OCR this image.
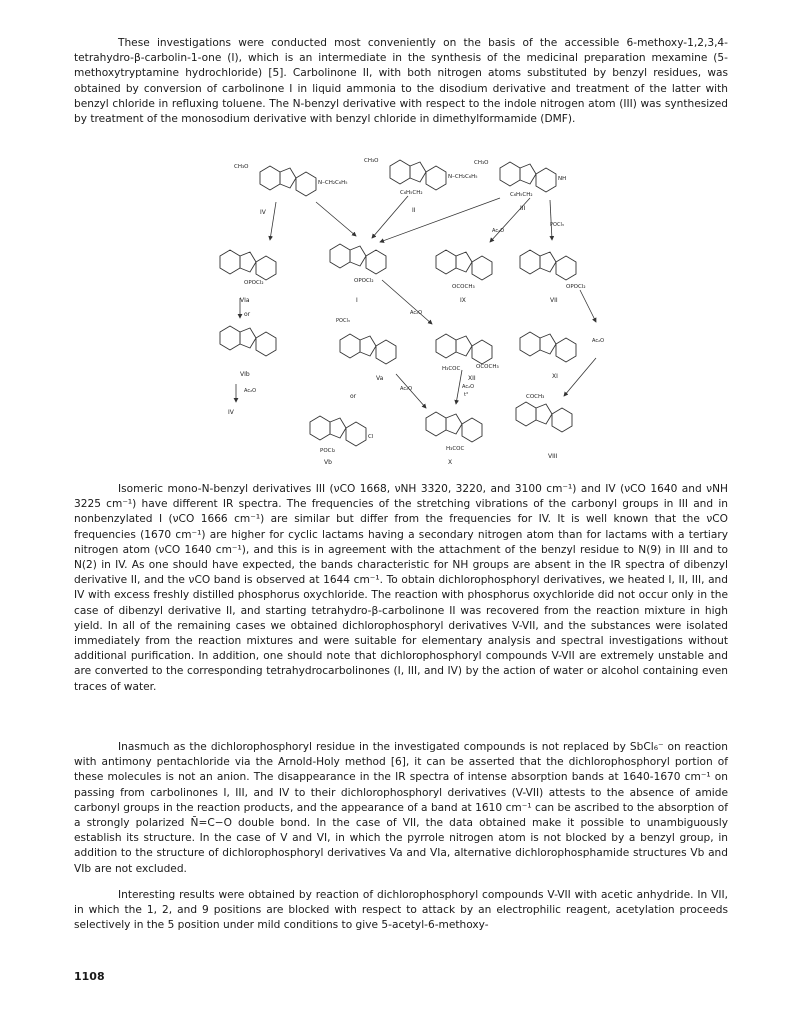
These investigations were conducted most conveniently on the basis of the accessible 6-methoxy-1,2,3,4-tetrahydro-β-carbolin-1-one (I), which is an intermediate in the synthesis of the medicinal preparation mexamine (5-methoxytryptamine hydrochloride) [5]. Carbolinone II, with both nitrogen atoms substituted by benzyl residues, was obtained by conversion of carbolinone I in liquid ammonia to the disodium derivative and treatment of the latter with benzyl chloride in refluxing toluene. The N-benzyl derivative with respect to the indole nitrogen atom (III) was synthesized by treatment of the monosodium derivative with benzyl chloride in dimethylformamide (DMF).
CH₃O
N–CH₂C₆H₅
CH₃O
N–CH₂C₆H₅
C₆H₅CH₂
CH₃O
NH
C₆H₅CH₂
OPOCl₂	OPOCl₂
OCOCH₃	OPOCl₂
H₃COC	OCOCH₃
H₃COC
COCH₃
POCl₂
Cl
IV	II	III
VIa
or
I	IX	VII
VIb
Va	XII	XI
IV
or
Vb	X
VIII
POCl₃
Ac₂O
Ac₂O
POCl₃
Ac₂O	Ac₂O	Ac₂O
Ac₂O
t°
Isomeric mono-N-benzyl derivatives III (νCO 1668, νNH 3320, 3220, and 3100 cm⁻¹) and IV (νCO 1640 and νNH 3225 cm⁻¹) have different IR spectra. The frequencies of the stretching vibrations of the carbonyl groups in III and in nonbenzylated I (νCO 1666 cm⁻¹) are similar but differ from the frequencies for IV. It is well known that the νCO frequencies (1670 cm⁻¹) are higher for cyclic lactams having a secondary nitrogen atom than for lactams with a tertiary nitrogen atom (νCO 1640 cm⁻¹), and this is in agreement with the attachment of the benzyl residue to N(9) in III and to N(2) in IV. As one should have expected, the bands characteristic for NH groups are absent in the IR spectra of dibenzyl derivative II, and the νCO band is observed at 1644 cm⁻¹. To obtain dichlorophosphoryl derivatives, we heated I, II, III, and IV with excess freshly distilled phosphorus oxychloride. The reaction with phosphorus oxychloride did not occur only in the case of dibenzyl derivative II, and starting tetrahydro-β-carbolinone II was recovered from the reaction mixture in high yield. In all of the remaining cases we obtained dichlorophosphoryl derivatives V-VII, and the substances were isolated immediately from the reaction mixtures and were suitable for elementary analysis and spectral investigations without additional purification. In addition, one should note that dichlorophosphoryl compounds V-VII are extremely unstable and are converted to the corresponding tetrahydrocarbolinones (I, III, and IV) by the action of water or alcohol containing even traces of water.
Inasmuch as the dichlorophosphoryl residue in the investigated compounds is not replaced by SbCl₆⁻ on reaction with antimony pentachloride via the Arnold-Holy method [6], it can be asserted that the dichlorophosphoryl portion of these molecules is not an anion. The disappearance in the IR spectra of intense absorption bands at 1640-1670 cm⁻¹ on passing from carbolinones I, III, and IV to their dichlorophosphoryl derivatives (V-VII) attests to the absence of amide carbonyl groups in the reaction products, and the appearance of a band at 1610 cm⁻¹ can be ascribed to the absorption of a strongly polarized N̄=C−O double bond. In the case of VII, the data obtained make it possible to unambiguously establish its structure. In the case of V and VI, in which the pyrrole nitrogen atom is not blocked by a benzyl group, in addition to the structure of dichlorophosphoryl derivatives Va and VIa, alternative dichlorophosphamide structures Vb and VIb are not excluded.
Interesting results were obtained by reaction of dichlorophosphoryl compounds V-VII with acetic anhydride. In VII, in which the 1, 2, and 9 positions are blocked with respect to attack by an electrophilic reagent, acetylation proceeds selectively in the 5 position under mild conditions to give 5-acetyl-6-methoxy-
1108
